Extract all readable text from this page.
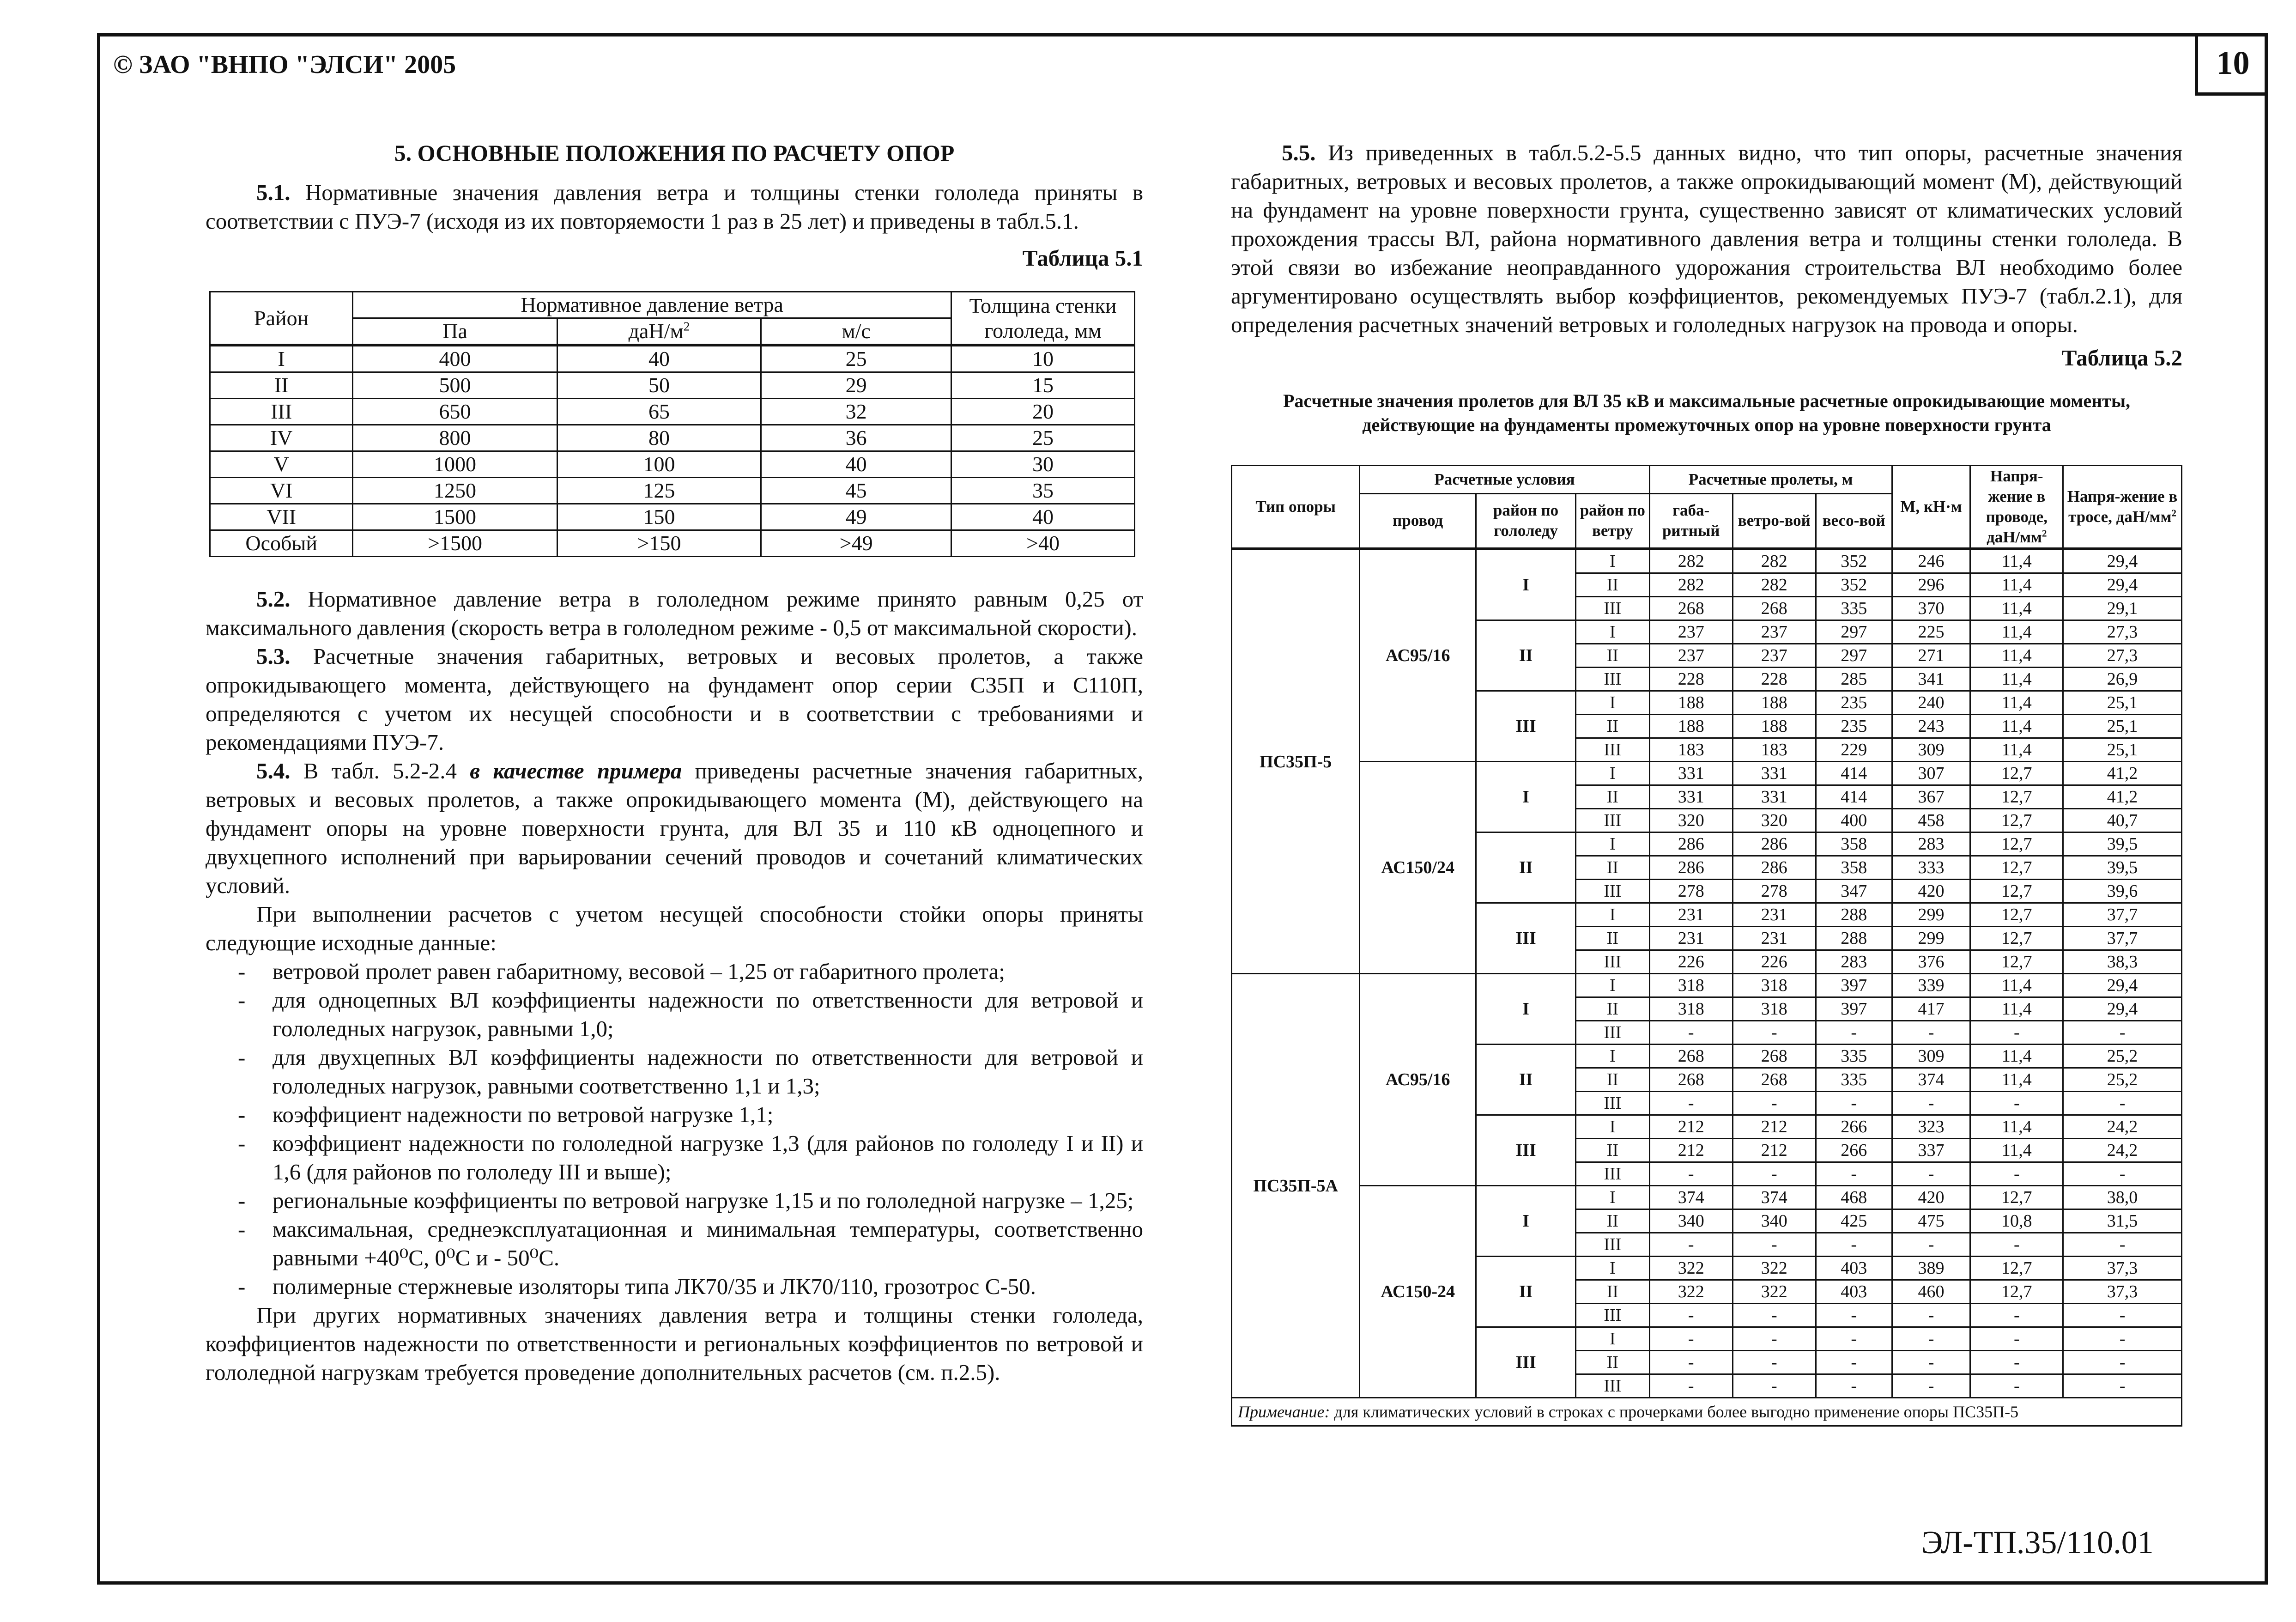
© ЗАО "ВНПО "ЭЛСИ" 2005	10
ЭЛ-ТП.35/110.01
5. ОСНОВНЫЕ ПОЛОЖЕНИЯ ПО РАСЧЕТУ ОПОР

5.1. Нормативные значения давления ветра и толщины стенки гололеда приняты в соответствии с ПУЭ-7 (исходя из их повторяемости 1 раз в 25 лет) и приведены в табл.5.1.

Таблица 5.1
Район	Нормативное давление ветра			Толщина стенки гололеда, мм
	Па	даН/$м^2$	м/с	
I	400	40	25	10
II	500	50	29	15
III	650	65	32	20
IV	800	80	36	25
V	1000	100	40	30
VI	1250	125	45	35
VII	1500	150	49	40
Особый	>1500	>150	>49	>40

5.2. Нормативное давление ветра в гололедном режиме принято равным 0,25 от максимального давления (скорость ветра в гололедном режиме - 0,5 от максимальной скорости).

5.3. Расчетные значения габаритных, ветровых и весовых пролетов, а также опрокидывающего момента, действующего на фундамент опор серии С35П и С110П, определяются с учетом их несущей способности и в соответствии с требованиями и рекомендациями ПУЭ-7.

5.4. В табл. 5.2-2.4 в качестве примера приведены расчетные значения габаритных, ветровых и весовых пролетов, а также опрокидывающего момента (М), действующего на фундамент опоры на уровне поверхности грунта, для ВЛ 35 и 110 кВ одноцепного и двухцепного исполнений при варьировании сечений проводов и сочетаний климатических условий.

При выполнении расчетов с учетом несущей способности стойки опоры приняты следующие исходные данные:

- ветровой пролет равен габаритному, весовой – 1,25 от габаритного пролета;
- для одноцепных ВЛ коэффициенты надежности по ответственности для ветровой и гололедных нагрузок, равными 1,0;
- для двухцепных ВЛ коэффициенты надежности по ответственности для ветровой и гололедных нагрузок, равными соответственно 1,1 и 1,3;
- коэффициент надежности по ветровой нагрузке 1,1;
- коэффициент надежности по гололедной нагрузке 1,3 (для районов по гололеду I и II) и 1,6 (для районов по гололеду III и выше);
- региональные коэффициенты по ветровой нагрузке 1,15 и по гололедной нагрузке – 1,25;
- максимальная, среднеэксплуатационная и минимальная температуры, соответственно равными +40⁰С, 0⁰С и - 50⁰С.
- полимерные стержневые изоляторы типа ЛК70/35 и ЛК70/110, грозотрос С-50.

При других нормативных значениях давления ветра и толщины стенки гололеда, коэффициентов надежности по ответственности и региональных коэффициентов по ветровой и гололедной нагрузкам требуется проведение дополнительных расчетов (см. п.2.5).

5.5. Из приведенных в табл.5.2-5.5 данных видно, что тип опоры, расчетные значения габаритных, ветровых и весовых пролетов, а также опрокидывающий момент (М), действующий на фундамент на уровне поверхности грунта, существенно зависят от климатических условий прохождения трассы ВЛ, района нормативного давления ветра и толщины стенки гололеда. В этой связи во избежание неоправданного удорожания строительства ВЛ необходимо более аргументировано осуществлять выбор коэффициентов, рекомендуемых ПУЭ-7 (табл.2.1), для определения расчетных значений ветровых и гололедных нагрузок на провода и опоры.

Таблица 5.2
Расчетные значения пролетов для ВЛ 35 кВ и максимальные расчетные опрокидывающие моменты, действующие на фундаменты промежуточных опор на уровне поверхности грунта
Тип опоры	Расчетные условия			Расчетные пролеты, м			М, кН·м	Напря-жение в проводе, даН/$мм^2$	Напря-жение в тросе, даН/$мм^2$
	провод	район по гололеду	район по ветру	габа-ритный	ветро-вой	весо-вой			
ПС35П-5	АС95/16	I	I	282	282	352	246	11,4	29,4
			II	282	282	352	296	11,4	29,4
			III	268	268	335	370	11,4	29,1
		II	I	237	237	297	225	11,4	27,3
			II	237	237	297	271	11,4	27,3
			III	228	228	285	341	11,4	26,9
		III	I	188	188	235	240	11,4	25,1
			II	188	188	235	243	11,4	25,1
			III	183	183	229	309	11,4	25,1
	АС150/24	I	I	331	331	414	307	12,7	41,2
			II	331	331	414	367	12,7	41,2
			III	320	320	400	458	12,7	40,7
		II	I	286	286	358	283	12,7	39,5
			II	286	286	358	333	12,7	39,5
			III	278	278	347	420	12,7	39,6
		III	I	231	231	288	299	12,7	37,7
			II	231	231	288	299	12,7	37,7
			III	226	226	283	376	12,7	38,3
ПС35П-5А	АС95/16	I	I	318	318	397	339	11,4	29,4
			II	318	318	397	417	11,4	29,4
			III	-	-	-	-	-	-
		II	I	268	268	335	309	11,4	25,2
			II	268	268	335	374	11,4	25,2
			III	-	-	-	-	-	-
		III	I	212	212	266	323	11,4	24,2
			II	212	212	266	337	11,4	24,2
			III	-	-	-	-	-	-
	АС150-24	I	I	374	374	468	420	12,7	38,0
			II	340	340	425	475	10,8	31,5
			III	-	-	-	-	-	-
		II	I	322	322	403	389	12,7	37,3
			II	322	322	403	460	12,7	37,3
			III	-	-	-	-	-	-
		III	I	-	-	-	-	-	-
			II	-	-	-	-	-	-
			III	-	-	-	-	-	-
Примечание: для климатических условий в строках с прочерками более выгодно применение опоры ПС35П-5
